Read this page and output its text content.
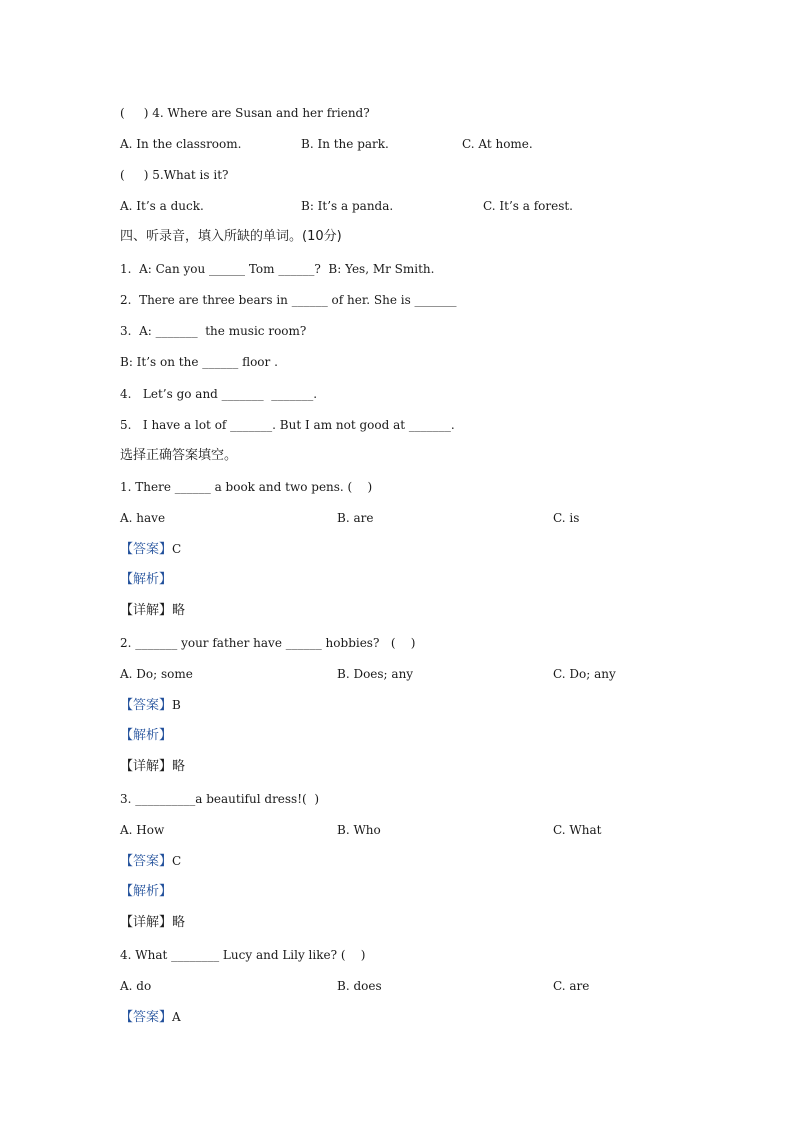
(     ) 4. Where are Susan and her friend?
A. In the classroom.	B. In the park.	C. At home.
(     ) 5.What is it?
A. It’s a duck.	B: It’s a panda.	C. It’s a forest.
四、听录音，填入所缺的单词。(10分)
1.  A: Can you ______ Tom ______?  B: Yes, Mr Smith.
2.  There are three bears in ______ of her. She is _______
3.  A: _______  the music room?
B: It’s on the ______ floor .
4.   Let’s go and _______  _______.
5.   I have a lot of _______. But I am not good at _______.
选择正确答案填空。
1. There ______ a book and two pens. (    )
A. have	B. are	C. is
【答案】C
【解析】
【详解】略
2. _______ your father have ______ hobbies?   (    )
A. Do; some	B. Does; any	C. Do; any
【答案】B
【解析】
【详解】略
3. __________a beautiful dress!(  )
A. How	B. Who	C. What
【答案】C
【解析】
【详解】略
4. What ________ Lucy and Lily like? (    )
A. do	B. does	C. are
【答案】A
